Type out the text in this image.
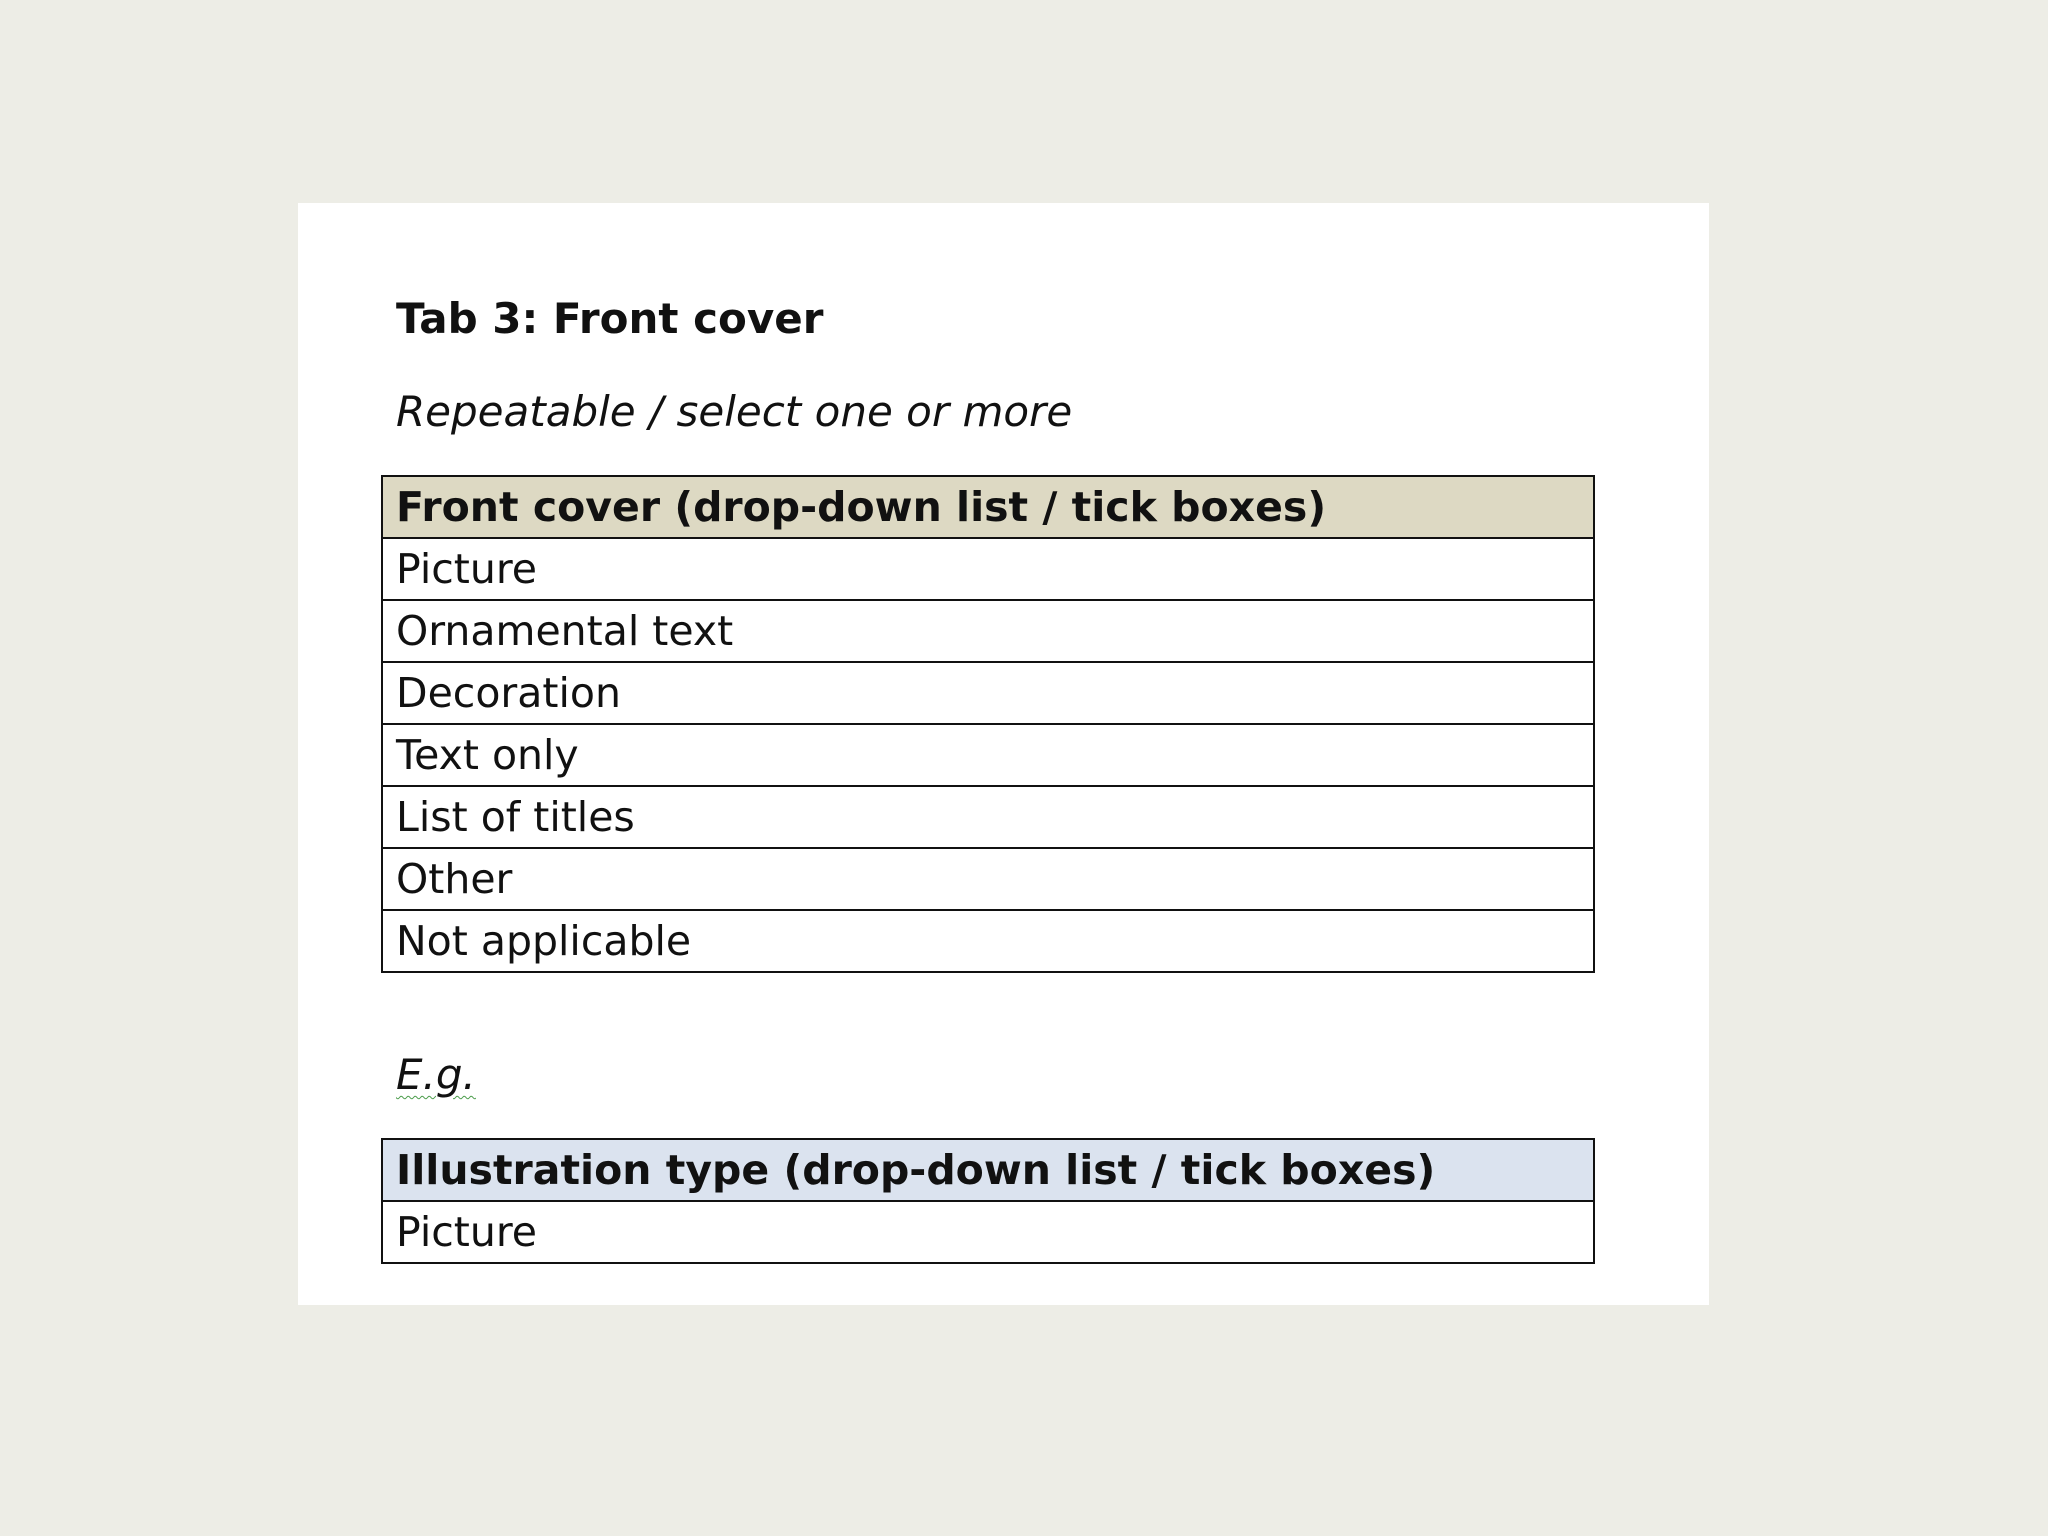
Tab 3: Front cover
Repeatable / select one or more
Front cover (drop-down list / tick boxes)
Picture
Ornamental text
Decoration
Text only
List of titles
Other
Not applicable
E.g.
Illustration type (drop-down list / tick boxes)
Picture
